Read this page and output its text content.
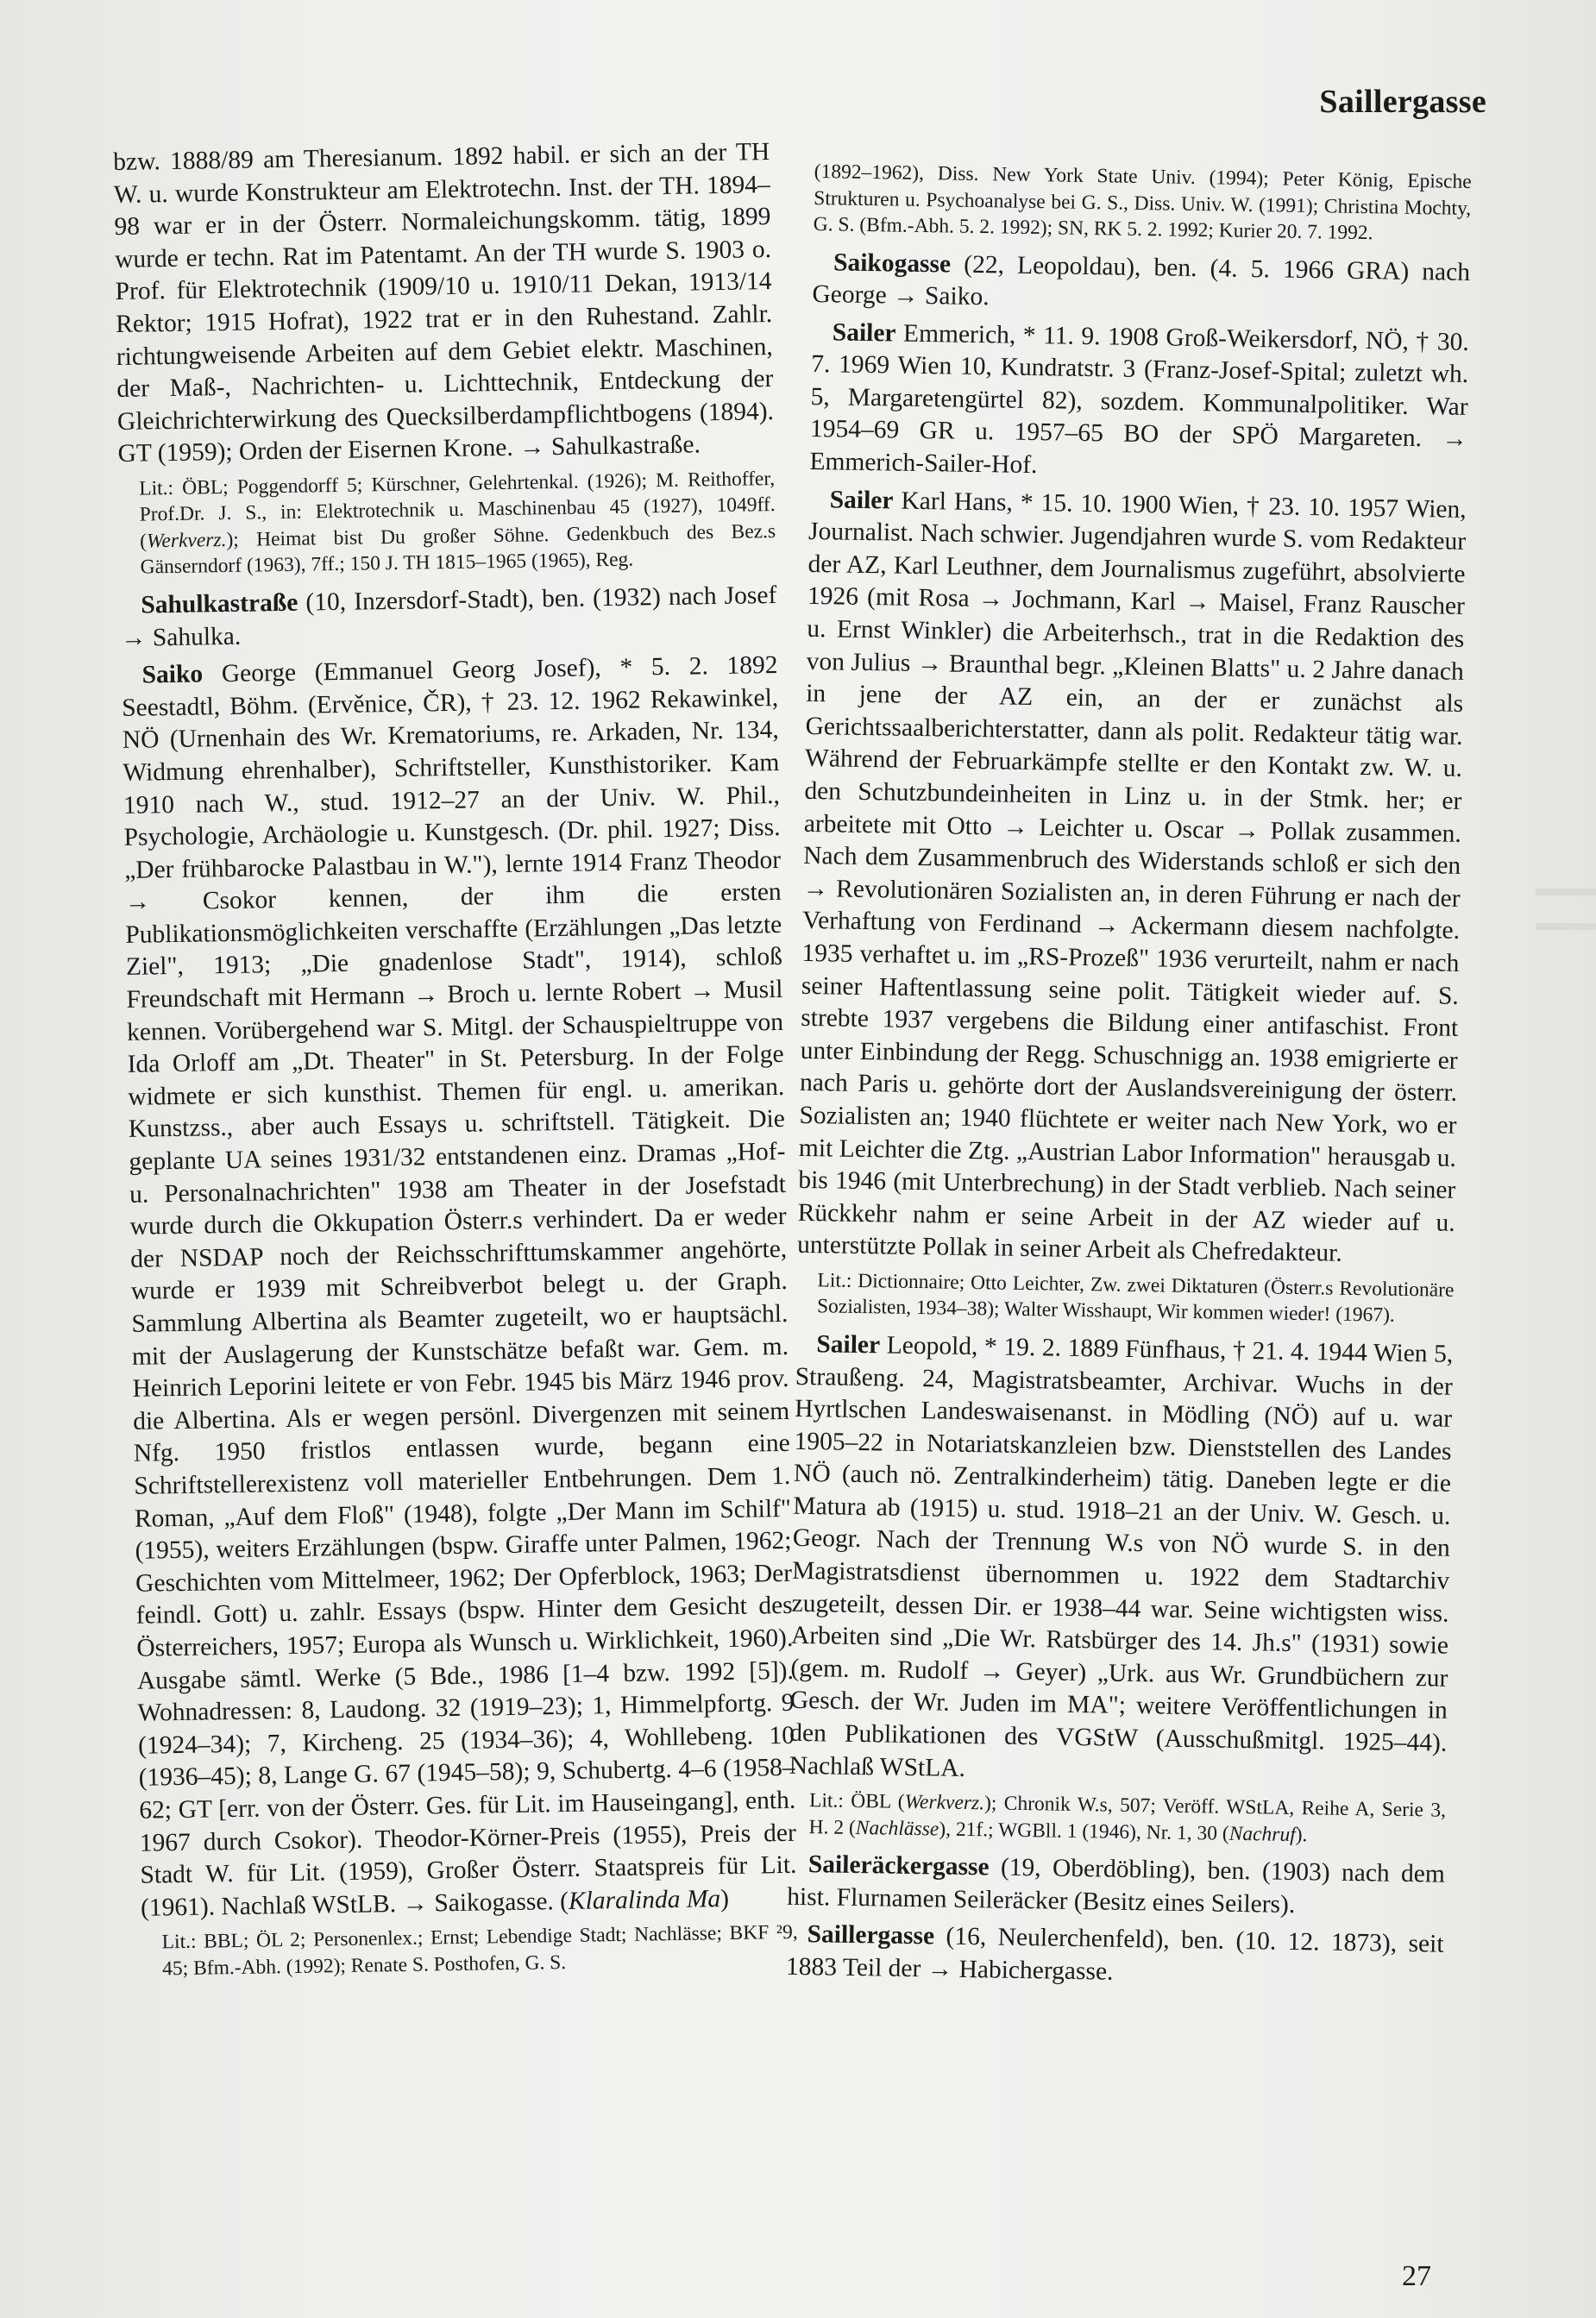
Saillergasse

bzw. 1888/89 am Theresianum. 1892 habil. er sich an der TH W. u. wurde Konstrukteur am Elektrotechn. Inst. der TH. 1894–98 war er in der Österr. Normaleichungskomm. tätig, 1899 wurde er techn. Rat im Patentamt. An der TH wurde S. 1903 o. Prof. für Elektrotechnik (1909/10 u. 1910/11 Dekan, 1913/14 Rektor; 1915 Hofrat), 1922 trat er in den Ruhestand. Zahlr. richtungweisende Arbeiten auf dem Gebiet elektr. Maschinen, der Maß-, Nachrichten- u. Lichttechnik, Entdeckung der Gleichrichterwirkung des Quecksilberdampflichtbogens (1894). GT (1959); Orden der Eisernen Krone. → Sahulkastraße.

Lit.: ÖBL; Poggendorff 5; Kürschner, Gelehrtenkal. (1926); M. Reithoffer, Prof.Dr. J. S., in: Elektrotechnik u. Maschinenbau 45 (1927), 1049ff. (Werkverz.); Heimat bist Du großer Söhne. Gedenkbuch des Bez.s Gänserndorf (1963), 7ff.; 150 J. TH 1815–1965 (1965), Reg.

Sahulkastraße (10, Inzersdorf-Stadt), ben. (1932) nach Josef → Sahulka.

Saiko George (Emmanuel Georg Josef), * 5. 2. 1892 Seestadtl, Böhm. (Ervěnice, ČR), † 23. 12. 1962 Rekawinkel, NÖ (Urnenhain des Wr. Krematoriums, re. Arkaden, Nr. 134, Widmung ehrenhalber), Schriftsteller, Kunsthistoriker. Kam 1910 nach W., stud. 1912–27 an der Univ. W. Phil., Psychologie, Archäologie u. Kunstgesch. (Dr. phil. 1927; Diss. „Der frühbarocke Palastbau in W."), lernte 1914 Franz Theodor → Csokor kennen, der ihm die ersten Publikationsmöglichkeiten verschaffte (Erzählungen „Das letzte Ziel", 1913; „Die gnadenlose Stadt", 1914), schloß Freundschaft mit Hermann → Broch u. lernte Robert → Musil kennen. Vorübergehend war S. Mitgl. der Schauspieltruppe von Ida Orloff am „Dt. Theater" in St. Petersburg. In der Folge widmete er sich kunsthist. Themen für engl. u. amerikan. Kunstzss., aber auch Essays u. schriftstell. Tätigkeit. Die geplante UA seines 1931/32 entstandenen einz. Dramas „Hof- u. Personalnachrichten" 1938 am Theater in der Josefstadt wurde durch die Okkupation Österr.s verhindert. Da er weder der NSDAP noch der Reichsschrifttumskammer angehörte, wurde er 1939 mit Schreibverbot belegt u. der Graph. Sammlung Albertina als Beamter zugeteilt, wo er hauptsächl. mit der Auslagerung der Kunstschätze befaßt war. Gem. m. Heinrich Leporini leitete er von Febr. 1945 bis März 1946 prov. die Albertina. Als er wegen persönl. Divergenzen mit seinem Nfg. 1950 fristlos entlassen wurde, begann eine Schriftstellerexistenz voll materieller Entbehrungen. Dem 1. Roman, „Auf dem Floß" (1948), folgte „Der Mann im Schilf" (1955), weiters Erzählungen (bspw. Giraffe unter Palmen, 1962; Geschichten vom Mittelmeer, 1962; Der Opferblock, 1963; Der feindl. Gott) u. zahlr. Essays (bspw. Hinter dem Gesicht des Österreichers, 1957; Europa als Wunsch u. Wirklichkeit, 1960). Ausgabe sämtl. Werke (5 Bde., 1986 [1–4 bzw. 1992 [5]). Wohnadressen: 8, Laudong. 32 (1919–23); 1, Himmelpfortg. 9 (1924–34); 7, Kircheng. 25 (1934–36); 4, Wohllebeng. 10 (1936–45); 8, Lange G. 67 (1945–58); 9, Schubertg. 4–6 (1958–62; GT [err. von der Österr. Ges. für Lit. im Hauseingang], enth. 1967 durch Csokor). Theodor-Körner-Preis (1955), Preis der Stadt W. für Lit. (1959), Großer Österr. Staatspreis für Lit. (1961). Nachlaß WStLB. → Saikogasse. (Klaralinda Ma)

Lit.: BBL; ÖL 2; Personenlex.; Ernst; Lebendige Stadt; Nachlässe; BKF ²9, 45; Bfm.-Abh. (1992); Renate S. Posthofen, G. S.

(1892–1962), Diss. New York State Univ. (1994); Peter König, Epische Strukturen u. Psychoanalyse bei G. S., Diss. Univ. W. (1991); Christina Mochty, G. S. (Bfm.-Abh. 5. 2. 1992); SN, RK 5. 2. 1992; Kurier 20. 7. 1992.

Saikogasse (22, Leopoldau), ben. (4. 5. 1966 GRA) nach George → Saiko.

Sailer Emmerich, * 11. 9. 1908 Groß-Weikersdorf, NÖ, † 30. 7. 1969 Wien 10, Kundratstr. 3 (Franz-Josef-Spital; zuletzt wh. 5, Margaretengürtel 82), sozdem. Kommunalpolitiker. War 1954–69 GR u. 1957–65 BO der SPÖ Margareten. → Emmerich-Sailer-Hof.

Sailer Karl Hans, * 15. 10. 1900 Wien, † 23. 10. 1957 Wien, Journalist. Nach schwier. Jugendjahren wurde S. vom Redakteur der AZ, Karl Leuthner, dem Journalismus zugeführt, absolvierte 1926 (mit Rosa → Jochmann, Karl → Maisel, Franz Rauscher u. Ernst Winkler) die Arbeiterhsch., trat in die Redaktion des von Julius → Braunthal begr. „Kleinen Blatts" u. 2 Jahre danach in jene der AZ ein, an der er zunächst als Gerichtssaalberichterstatter, dann als polit. Redakteur tätig war. Während der Februarkämpfe stellte er den Kontakt zw. W. u. den Schutzbundeinheiten in Linz u. in der Stmk. her; er arbeitete mit Otto → Leichter u. Oscar → Pollak zusammen. Nach dem Zusammenbruch des Widerstands schloß er sich den → Revolutionären Sozialisten an, in deren Führung er nach der Verhaftung von Ferdinand → Ackermann diesem nachfolgte. 1935 verhaftet u. im „RS-Prozeß" 1936 verurteilt, nahm er nach seiner Haftentlassung seine polit. Tätigkeit wieder auf. S. strebte 1937 vergebens die Bildung einer antifaschist. Front unter Einbindung der Regg. Schuschnigg an. 1938 emigrierte er nach Paris u. gehörte dort der Auslandsvereinigung der österr. Sozialisten an; 1940 flüchtete er weiter nach New York, wo er mit Leichter die Ztg. „Austrian Labor Information" herausgab u. bis 1946 (mit Unterbrechung) in der Stadt verblieb. Nach seiner Rückkehr nahm er seine Arbeit in der AZ wieder auf u. unterstützte Pollak in seiner Arbeit als Chefredakteur.

Lit.: Dictionnaire; Otto Leichter, Zw. zwei Diktaturen (Österr.s Revolutionäre Sozialisten, 1934–38); Walter Wisshaupt, Wir kommen wieder! (1967).

Sailer Leopold, * 19. 2. 1889 Fünfhaus, † 21. 4. 1944 Wien 5, Straußeng. 24, Magistratsbeamter, Archivar. Wuchs in der Hyrtlschen Landeswaisenanst. in Mödling (NÖ) auf u. war 1905–22 in Notariatskanzleien bzw. Dienststellen des Landes NÖ (auch nö. Zentralkinderheim) tätig. Daneben legte er die Matura ab (1915) u. stud. 1918–21 an der Univ. W. Gesch. u. Geogr. Nach der Trennung W.s von NÖ wurde S. in den Magistratsdienst übernommen u. 1922 dem Stadtarchiv zugeteilt, dessen Dir. er 1938–44 war. Seine wichtigsten wiss. Arbeiten sind „Die Wr. Ratsbürger des 14. Jh.s" (1931) sowie (gem. m. Rudolf → Geyer) „Urk. aus Wr. Grundbüchern zur Gesch. der Wr. Juden im MA"; weitere Veröffentlichungen in den Publikationen des VGStW (Ausschußmitgl. 1925–44). Nachlaß WStLA.

Lit.: ÖBL (Werkverz.); Chronik W.s, 507; Veröff. WStLA, Reihe A, Serie 3, H. 2 (Nachlässe), 21f.; WGBll. 1 (1946), Nr. 1, 30 (Nachruf).

Saileräckergasse (19, Oberdöbling), ben. (1903) nach dem hist. Flurnamen Seileräcker (Besitz eines Seilers).

Saillergasse (16, Neulerchenfeld), ben. (10. 12. 1873), seit 1883 Teil der → Habichergasse.

27
